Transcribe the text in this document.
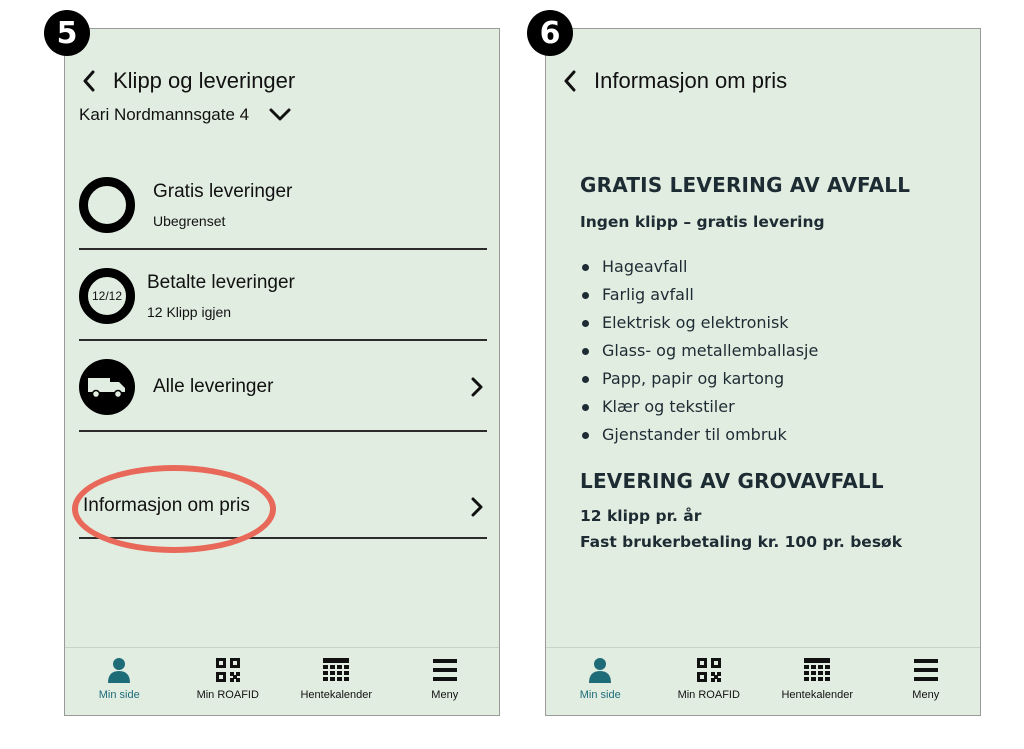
5	6
Klipp og leveringer
Kari Nordmannsgate 4
Gratis leveringer
Ubegrenset
12/12
Betalte leveringer
12 Klipp igjen
Alle leveringer
Informasjon om pris
Min side	Min ROAFID	Hentekalender	Meny
Informasjon om pris
GRATIS LEVERING AV AVFALL
Ingen klipp – gratis levering
Hageavfall
Farlig avfall
Elektrisk og elektronisk
Glass- og metallemballasje
Papp, papir og kartong
Klær og tekstiler
Gjenstander til ombruk
LEVERING AV GROVAVFALL
12 klipp pr. år
Fast brukerbetaling kr. 100 pr. besøk
Min side	Min ROAFID	Hentekalender	Meny
